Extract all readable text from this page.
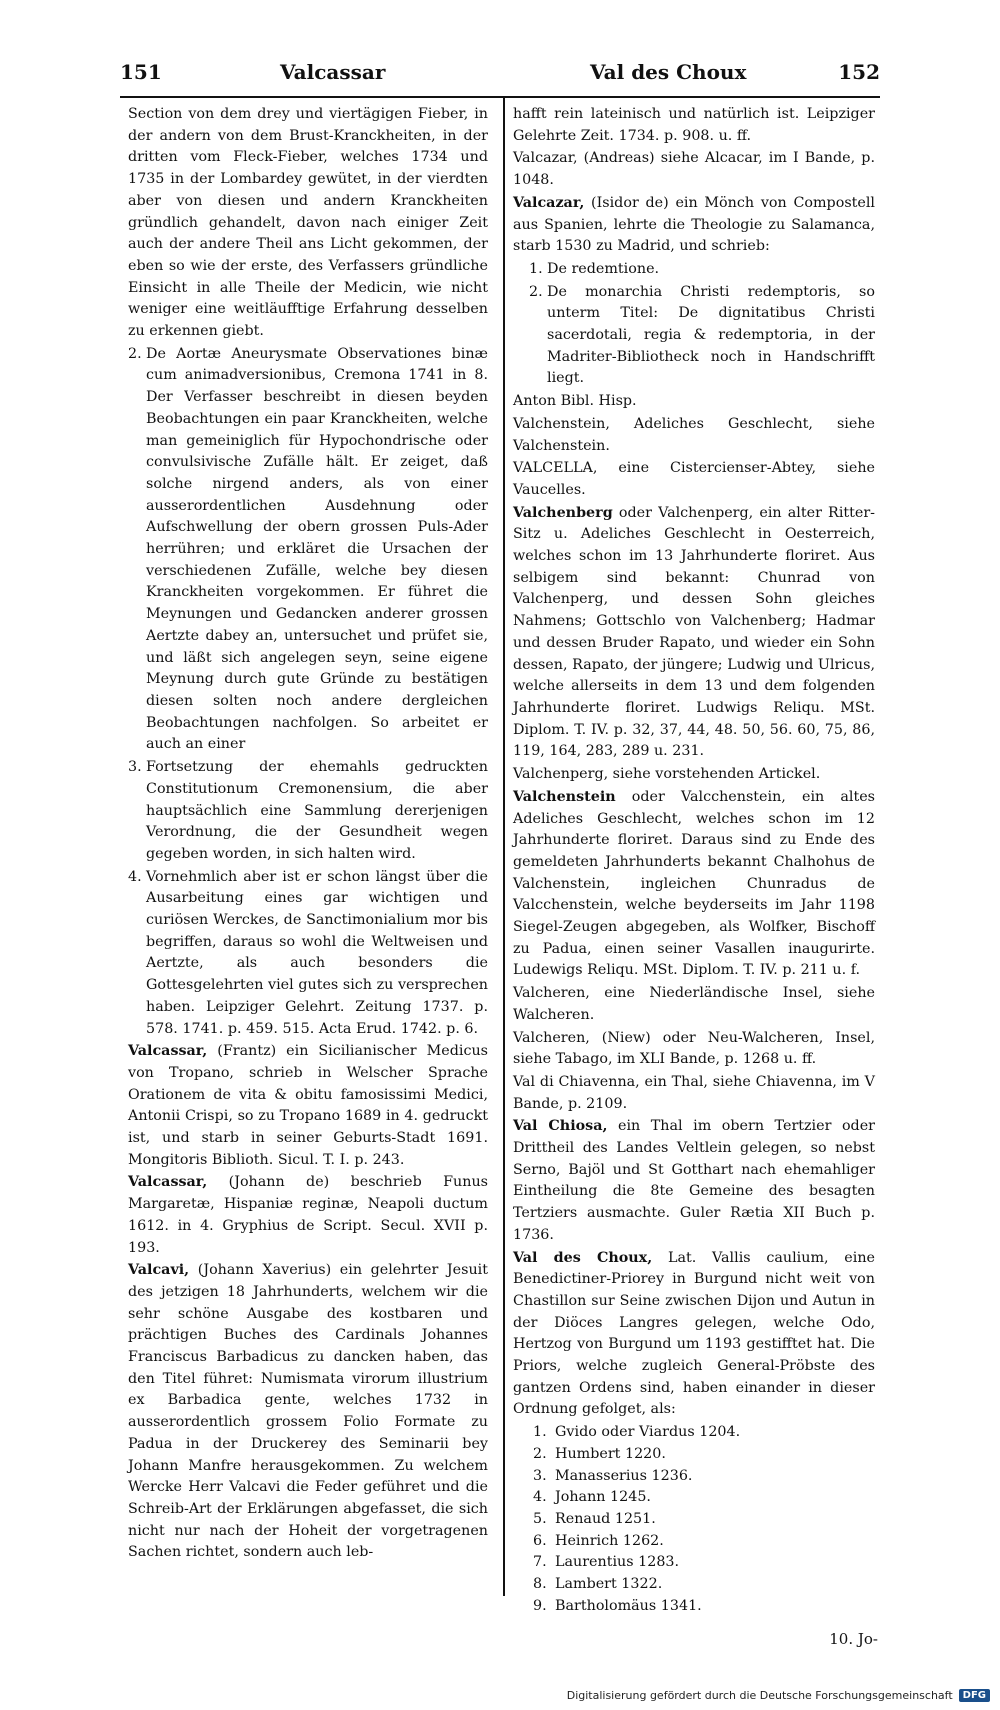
151	Valcassar	Val des Choux	152
Section von dem drey und viertägigen Fieber, in der andern von dem Brust-Kranckheiten, in der dritten vom Fleck-Fieber, welches 1734 und 1735 in der Lombardey gewütet, in der vierdten aber von diesen und andern Kranckheiten gründlich gehandelt, davon nach einiger Zeit auch der andere Theil ans Licht gekommen, der eben so wie der erste, des Verfassers gründliche Einsicht in alle Theile der Medicin, wie nicht weniger eine weitläufftige Erfahrung desselben zu erkennen giebt.
2. De Aortæ Aneurysmate Observationes binæ cum animadversionibus, Cremona 1741 in 8. Der Verfasser beschreibt in diesen beyden Beobachtungen ein paar Kranckheiten, welche man gemeiniglich für Hypochondrische oder convulsivische Zufälle hält. Er zeiget, daß solche nirgend anders, als von einer ausserordentlichen Ausdehnung oder Aufschwellung der obern grossen Puls-Ader herrühren; und erkläret die Ursachen der verschiedenen Zufälle, welche bey diesen Kranckheiten vorgekommen. Er führet die Meynungen und Gedancken anderer grossen Aertzte dabey an, untersuchet und prüfet sie, und läßt sich angelegen seyn, seine eigene Meynung durch gute Gründe zu bestätigen diesen solten noch andere dergleichen Beobachtungen nachfolgen. So arbeitet er auch an einer
3. Fortsetzung der ehemahls gedruckten Constitutionum Cremonensium, die aber hauptsächlich eine Sammlung dererjenigen Verordnung, die der Gesundheit wegen gegeben worden, in sich halten wird.
4. Vornehmlich aber ist er schon längst über die Ausarbeitung eines gar wichtigen und curiösen Werckes, de Sanctimonialium mor bis begriffen, daraus so wohl die Weltweisen und Aertzte, als auch besonders die Gottesgelehrten viel gutes sich zu versprechen haben. Leipziger Gelehrt. Zeitung 1737. p. 578. 1741. p. 459. 515. Acta Erud. 1742. p. 6.

Valcassar, (Frantz) ein Sicilianischer Medicus von Tropano, schrieb in Welscher Sprache Orationem de vita & obitu famosissimi Medici, Antonii Crispi, so zu Tropano 1689 in 4. gedruckt ist, und starb in seiner Geburts-Stadt 1691. Mongitoris Biblioth. Sicul. T. I. p. 243.

Valcassar, (Johann de) beschrieb Funus Margaretæ, Hispaniæ reginæ, Neapoli ductum 1612. in 4. Gryphius de Script. Secul. XVII p. 193.

Valcavi, (Johann Xaverius) ein gelehrter Jesuit des jetzigen 18 Jahrhunderts, welchem wir die sehr schöne Ausgabe des kostbaren und prächtigen Buches des Cardinals Johannes Franciscus Barbadicus zu dancken haben, das den Titel führet: Numismata virorum illustrium ex Barbadica gente, welches 1732 in ausserordentlich grossem Folio Formate zu Padua in der Druckerey des Seminarii bey Johann Manfre herausgekommen. Zu welchem Wercke Herr Valcavi die Feder geführet und die Schreib-Art der Erklärungen abgefasset, die sich nicht nur nach der Hoheit der vorgetragenen Sachen richtet, sondern auch leb-

hafft rein lateinisch und natürlich ist. Leipziger Gelehrte Zeit. 1734. p. 908. u. ff.

Valcazar, (Andreas) siehe Alcacar, im I Bande, p. 1048.

Valcazar, (Isidor de) ein Mönch von Compostell aus Spanien, lehrte die Theologie zu Salamanca, starb 1530 zu Madrid, und schrieb:

1. De redemtione.
2. De monarchia Christi redemptoris, so unterm Titel: De dignitatibus Christi sacerdotali, regia & redemptoria, in der Madriter-Bibliotheck noch in Handschrifft liegt.
Anton Bibl. Hisp.

Valchenstein, Adeliches Geschlecht, siehe Valchenstein.

VALCELLA, eine Cistercienser-Abtey, siehe Vaucelles.

Valchenberg oder Valchenperg, ein alter Ritter-Sitz u. Adeliches Geschlecht in Oesterreich, welches schon im 13 Jahrhunderte floriret. Aus selbigem sind bekannt: Chunrad von Valchenperg, und dessen Sohn gleiches Nahmens; Gottschlo von Valchenberg; Hadmar und dessen Bruder Rapato, und wieder ein Sohn dessen, Rapato, der jüngere; Ludwig und Ulricus, welche allerseits in dem 13 und dem folgenden Jahrhunderte floriret. Ludwigs Reliqu. MSt. Diplom. T. IV. p. 32, 37, 44, 48. 50, 56. 60, 75, 86, 119, 164, 283, 289 u. 231.

Valchenperg, siehe vorstehenden Artickel.

Valchenstein oder Valcchenstein, ein altes Adeliches Geschlecht, welches schon im 12 Jahrhunderte floriret. Daraus sind zu Ende des gemeldeten Jahrhunderts bekannt Chalhohus de Valchenstein, ingleichen Chunradus de Valcchenstein, welche beyderseits im Jahr 1198 Siegel-Zeugen abgegeben, als Wolfker, Bischoff zu Padua, einen seiner Vasallen inaugurirte. Ludewigs Reliqu. MSt. Diplom. T. IV. p. 211 u. f.

Valcheren, eine Niederländische Insel, siehe Walcheren.

Valcheren, (Niew) oder Neu-Walcheren, Insel, siehe Tabago, im XLI Bande, p. 1268 u. ff.

Val di Chiavenna, ein Thal, siehe Chiavenna, im V Bande, p. 2109.

Val Chiosa, ein Thal im obern Tertzier oder Drittheil des Landes Veltlein gelegen, so nebst Serno, Bajöl und St Gotthart nach ehemahliger Eintheilung die 8te Gemeine des besagten Tertziers ausmachte. Guler Rætia XII Buch p. 1736.

Val des Choux, Lat. Vallis caulium, eine Benedictiner-Priorey in Burgund nicht weit von Chastillon sur Seine zwischen Dijon und Autun in der Diöces Langres gelegen, welche Odo, Hertzog von Burgund um 1193 gestifftet hat. Die Priors, welche zugleich General-Pröbste des gantzen Ordens sind, haben einander in dieser Ordnung gefolget, als:

1. Gvido oder Viardus 1204.
2. Humbert 1220.
3. Manasserius 1236.
4. Johann 1245.
5. Renaud 1251.
6. Heinrich 1262.
7. Laurentius 1283.
8. Lambert 1322.
9. Bartholomäus 1341.
10. Jo-
Digitalisierung gefördert durch die Deutsche Forschungsgemeinschaft	DFG
